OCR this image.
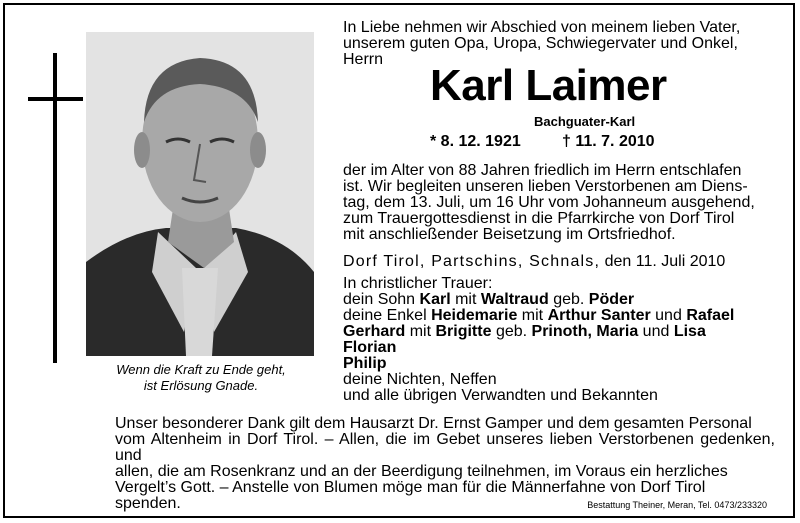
Wenn die Kraft zu Ende geht,
ist Erlösung Gnade.
In Liebe nehmen wir Abschied von meinem lieben Vater,
unserem guten Opa, Uropa, Schwiegervater und Onkel,
Herrn
Karl Laimer
Bachguater-Karl
* 8. 12. 1921	† 11. 7. 2010
der im Alter von 88 Jahren friedlich im Herrn entschlafen
ist. Wir begleiten unseren lieben Verstorbenen am Diens-
tag, dem 13. Juli, um 16 Uhr vom Johanneum ausgehend,
zum Trauergottesdienst in die Pfarrkirche von Dorf Tirol
mit anschließender Beisetzung im Ortsfriedhof.
Dorf Tirol, Partschins, Schnals, den 11. Juli 2010
In christlicher Trauer:
dein Sohn Karl mit Waltraud geb. Pöder
deine Enkel Heidemarie mit Arthur Santer und Rafael
Gerhard mit Brigitte geb. Prinoth, Maria und Lisa
Florian
Philip
deine Nichten, Neffen
und alle übrigen Verwandten und Bekannten
Unser besonderer Dank gilt dem Hausarzt Dr. Ernst Gamper und dem gesamten Personal
vom Altenheim in Dorf Tirol. – Allen, die im Gebet unseres lieben Verstorbenen gedenken, und
allen, die am Rosenkranz und an der Beerdigung teilnehmen, im Voraus ein herzliches
Vergelt’s Gott. – Anstelle von Blumen möge man für die Männerfahne von Dorf Tirol
spenden.	Bestattung Theiner, Meran, Tel. 0473/233320
